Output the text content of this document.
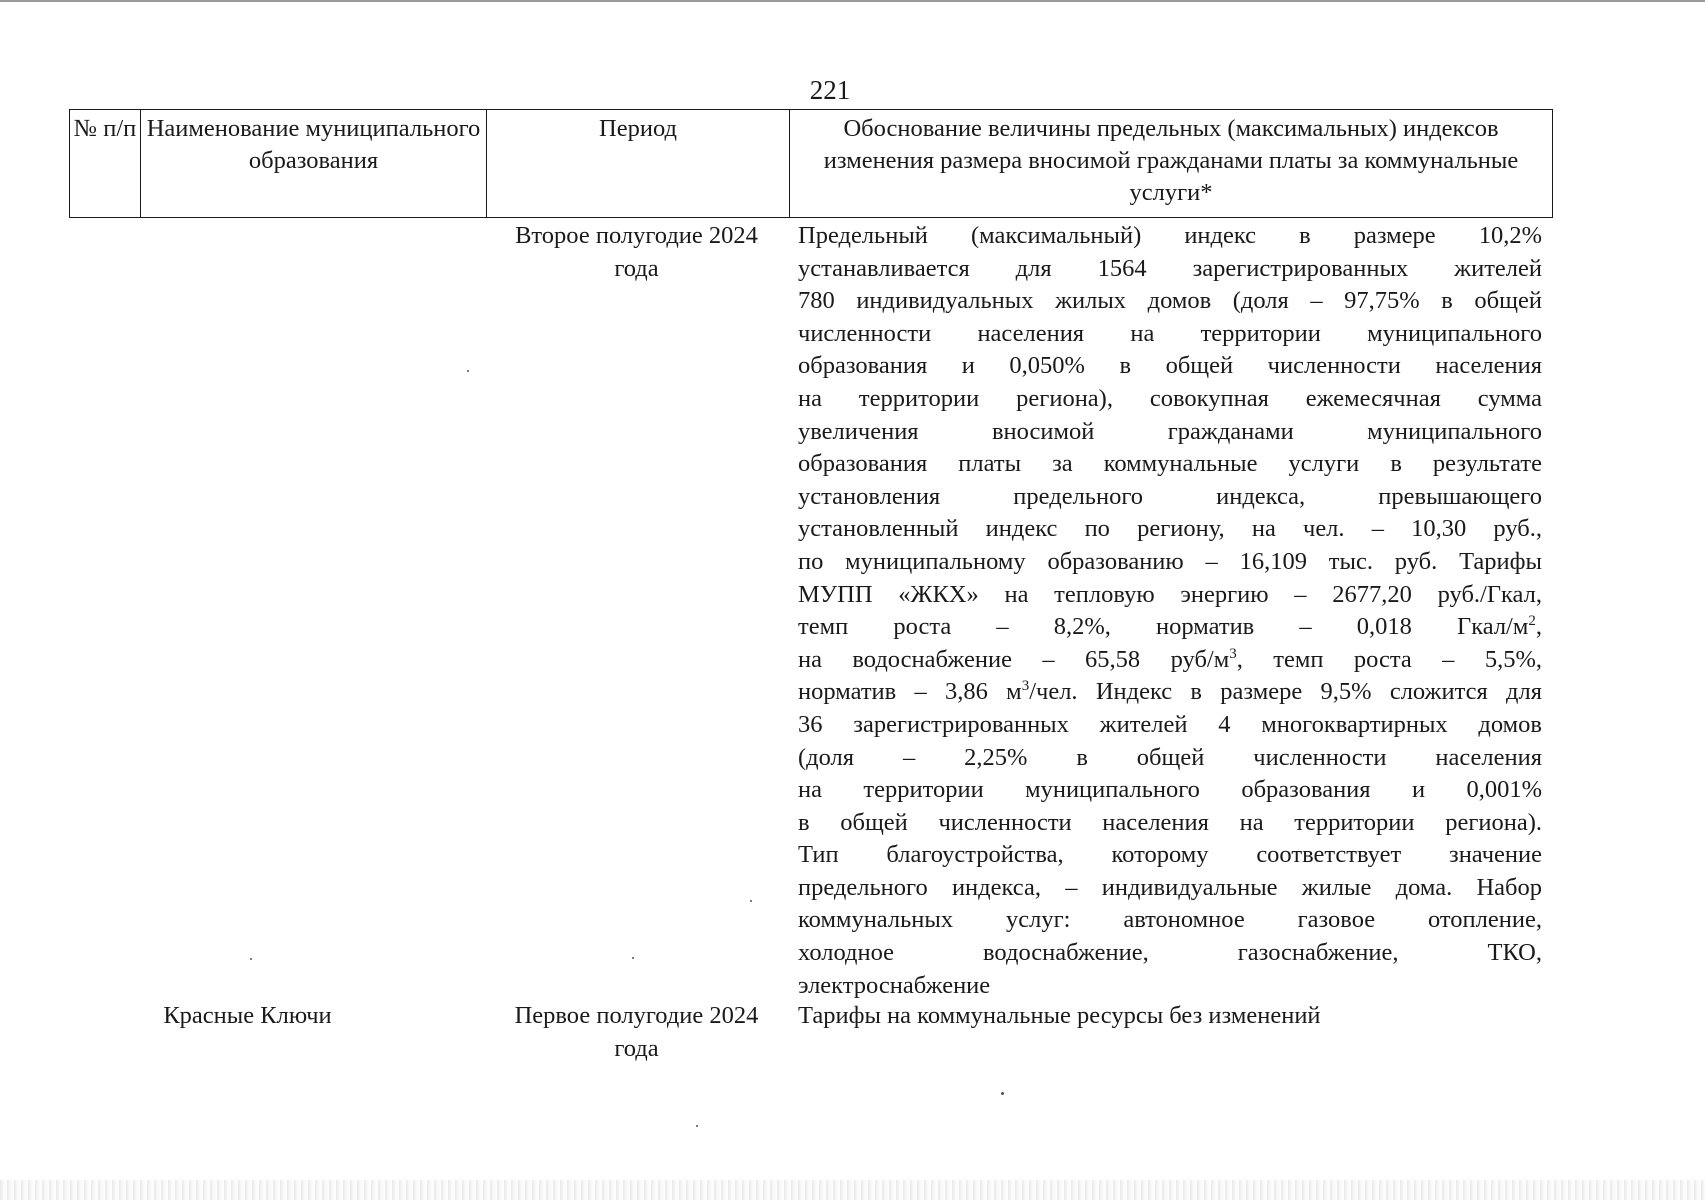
221
№ п/п Наименование муниципального образования
Период	Обоснование величины предельных (максимальных) индексов изменения размера вносимой гражданами платы за коммунальные услуги*
Второе полугодие 2024 года
Предельный (максимальный) индекс в размере 10,2%
устанавливается для 1564 зарегистрированных жителей
780 индивидуальных жилых домов (доля – 97,75% в общей
численности населения на территории муниципального
образования и 0,050% в общей численности населения
на территории региона), совокупная ежемесячная сумма
увеличения вносимой гражданами муниципального
образования платы за коммунальные услуги в результате
установления предельного индекса, превышающего
установленный индекс по региону, на чел. – 10,30 руб.,
по муниципальному образованию – 16,109 тыс. руб. Тарифы
МУПП «ЖКХ» на тепловую энергию – 2677,20 руб./Гкал,
темп роста – 8,2%, норматив – 0,018 Гкал/$м^2$,
на водоснабжение – 65,58 руб/$м^3$, темп роста – 5,5%,
норматив – 3,86 $м^3$/чел. Индекс в размере 9,5% сложится для
36 зарегистрированных жителей 4 многоквартирных домов
(доля – 2,25% в общей численности населения
на территории муниципального образования и 0,001%
в общей численности населения на территории региона).
Тип благоустройства, которому соответствует значение
предельного индекса, – индивидуальные жилые дома. Набор
коммунальных услуг: автономное газовое отопление,
холодное водоснабжение, газоснабжение, ТКО,
электроснабжение
Красные Ключи	Первое полугодие 2024 года
Тарифы на коммунальные ресурсы без изменений
